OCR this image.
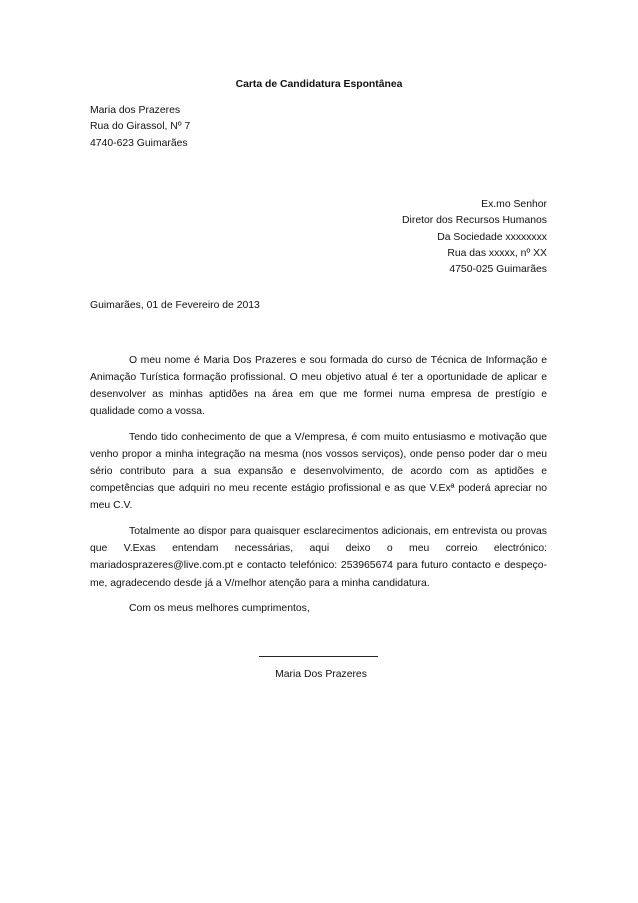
Carta de Candidatura Espontânea
Maria dos Prazeres
Rua do Girassol, Nº 7
4740-623 Guimarães
Ex.mo Senhor
Diretor dos Recursos Humanos
Da Sociedade xxxxxxxx
Rua das xxxxx, nº XX
4750-025 Guimarães
Guimarães, 01 de Fevereiro de 2013

O meu nome é Maria Dos Prazeres e sou formada do curso de Técnica de Informação e Animação Turística formação profissional. O meu objetivo atual é ter a oportunidade de aplicar e desenvolver as minhas aptidões na área em que me formei numa empresa de prestígio e qualidade como a vossa.

Tendo tido conhecimento de que a V/empresa, é com muito entusiasmo e motivação que venho propor a minha integração na mesma (nos vossos serviços), onde penso poder dar o meu sério contributo para a sua expansão e desenvolvimento, de acordo com as aptidões e competências que adquiri no meu recente estágio profissional e as que V.Exª poderá apreciar no meu C.V.

Totalmente ao dispor para quaisquer esclarecimentos adicionais, em entrevista ou provas que V.Exas entendam necessárias, aqui deixo o meu correio electrónico: mariadosprazeres@live.com.pt e contacto telefónico: 253965674 para futuro contacto e despeço-me, agradecendo desde já a V/melhor atenção para a minha candidatura.

Com os meus melhores cumprimentos,

Maria Dos Prazeres
